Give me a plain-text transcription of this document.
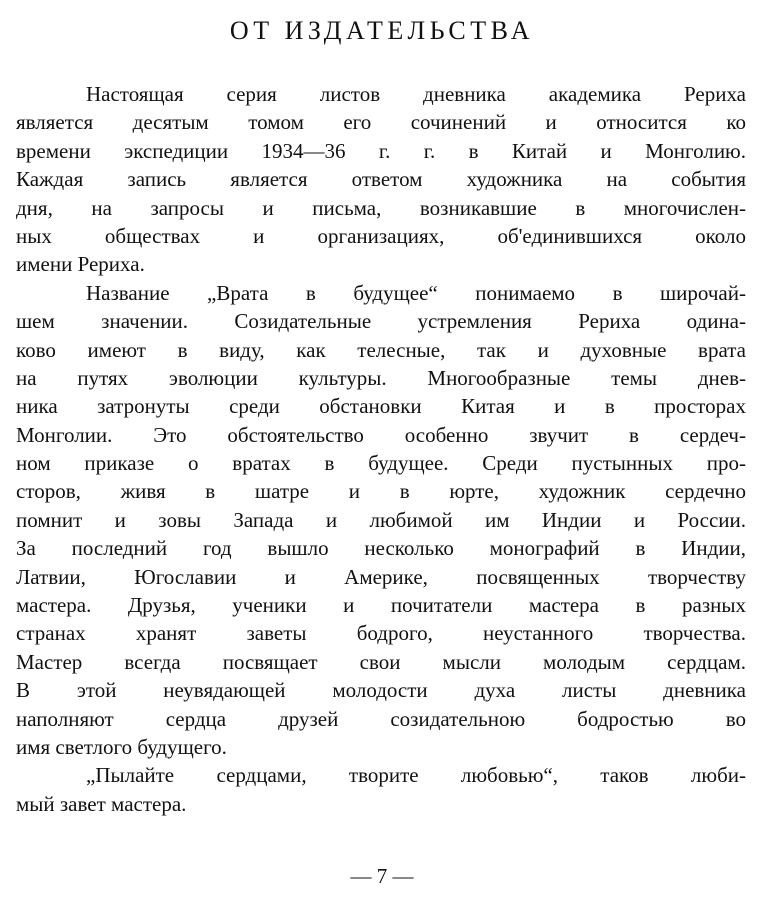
ОТ ИЗДАТЕЛЬСТВА
Настоящая серия листов дневника академика Рериха
является десятым томом его сочинений и относится ко
времени экспедиции 1934—36 г. г. в Китай и Монголию.
Каждая запись является ответом художника на события
дня, на запросы и письма, возникавшие в многочислен-
ных обществах и организациях, об'единившихся около
имени Рериха.
Название „Врата в будущее“ понимаемо в широчай-
шем значении. Созидательные устремления Рериха одина-
ково имеют в виду, как телесные, так и духовные врата
на путях эволюции культуры. Многообразные темы днев-
ника затронуты среди обстановки Китая и в просторах
Монголии. Это обстоятельство особенно звучит в сердеч-
ном приказе о вратах в будущее. Среди пустынных про-
сторов, живя в шатре и в юрте, художник сердечно
помнит и зовы Запада и любимой им Индии и России.
За последний год вышло несколько монографий в Индии,
Латвии, Югославии и Америке, посвященных творчеству
мастера. Друзья, ученики и почитатели мастера в разных
странах хранят заветы бодрого, неустанного творчества.
Мастер всегда посвящает свои мысли молодым сердцам.
В этой неувядающей молодости духа листы дневника
наполняют сердца друзей созидательною бодростью во
имя светлого будущего.
„Пылайте сердцами, творите любовью“, таков люби-
мый завет мастера.
— 7 —
